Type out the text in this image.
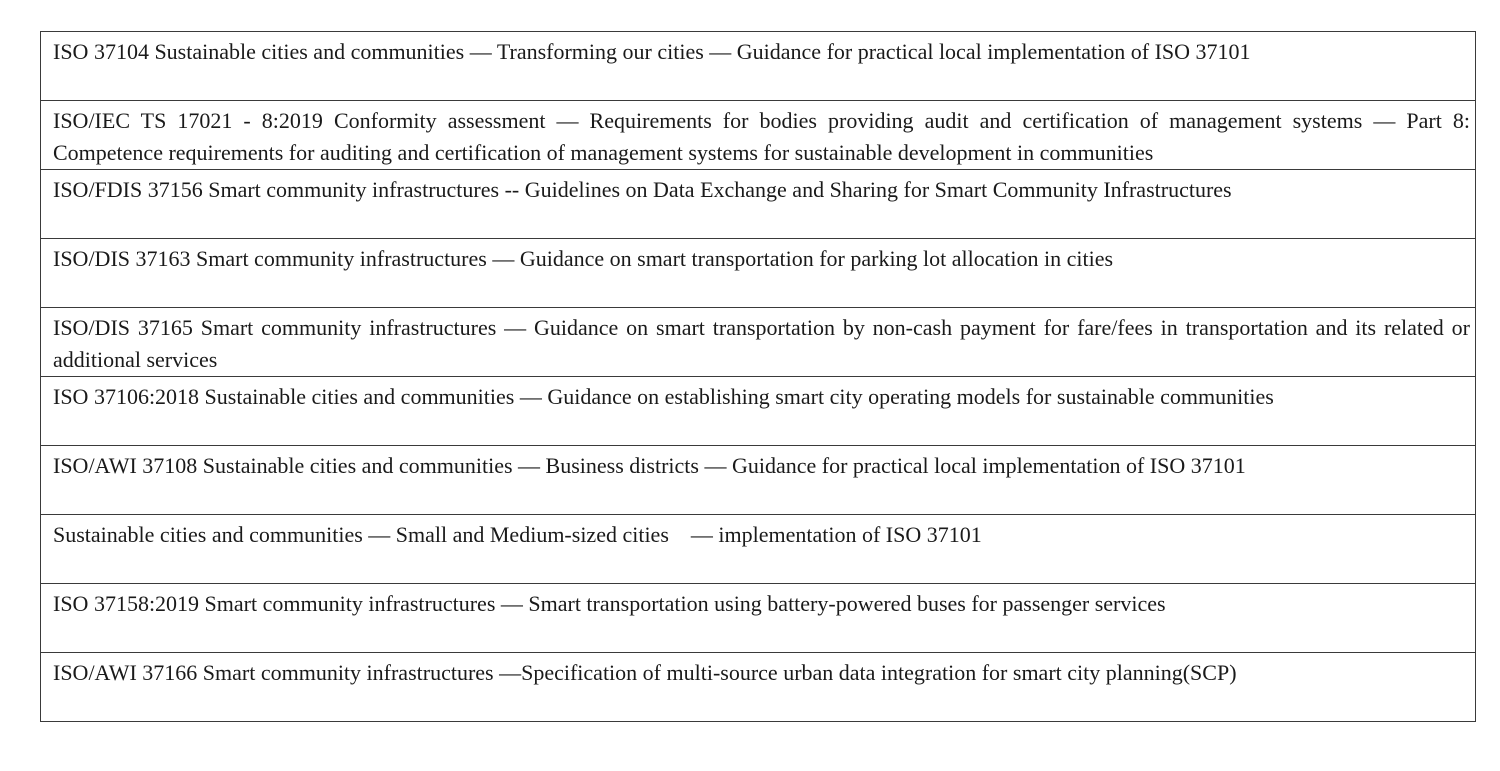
ISO 37104 Sustainable cities and communities — Transforming our cities — Guidance for practical local implementation of ISO 37101
ISO/IEC TS 17021 - 8:2019 Conformity assessment — Requirements for bodies providing audit and certification of management systems — Part 8: Competence requirements for auditing and certification of management systems for sustainable development in communities
ISO/FDIS 37156 Smart community infrastructures -- Guidelines on Data Exchange and Sharing for Smart Community Infrastructures
ISO/DIS 37163 Smart community infrastructures — Guidance on smart transportation for parking lot allocation in cities
ISO/DIS 37165 Smart community infrastructures — Guidance on smart transportation by non-cash payment for fare/fees in transportation and its related or additional services
ISO 37106:2018 Sustainable cities and communities — Guidance on establishing smart city operating models for sustainable communities
ISO/AWI 37108 Sustainable cities and communities — Business districts — Guidance for practical local implementation of ISO 37101
Sustainable cities and communities — Small and Medium-sized cities    — implementation of ISO 37101
ISO 37158:2019 Smart community infrastructures — Smart transportation using battery-powered buses for passenger services
ISO/AWI 37166 Smart community infrastructures —Specification of multi-source urban data integration for smart city planning(SCP)
